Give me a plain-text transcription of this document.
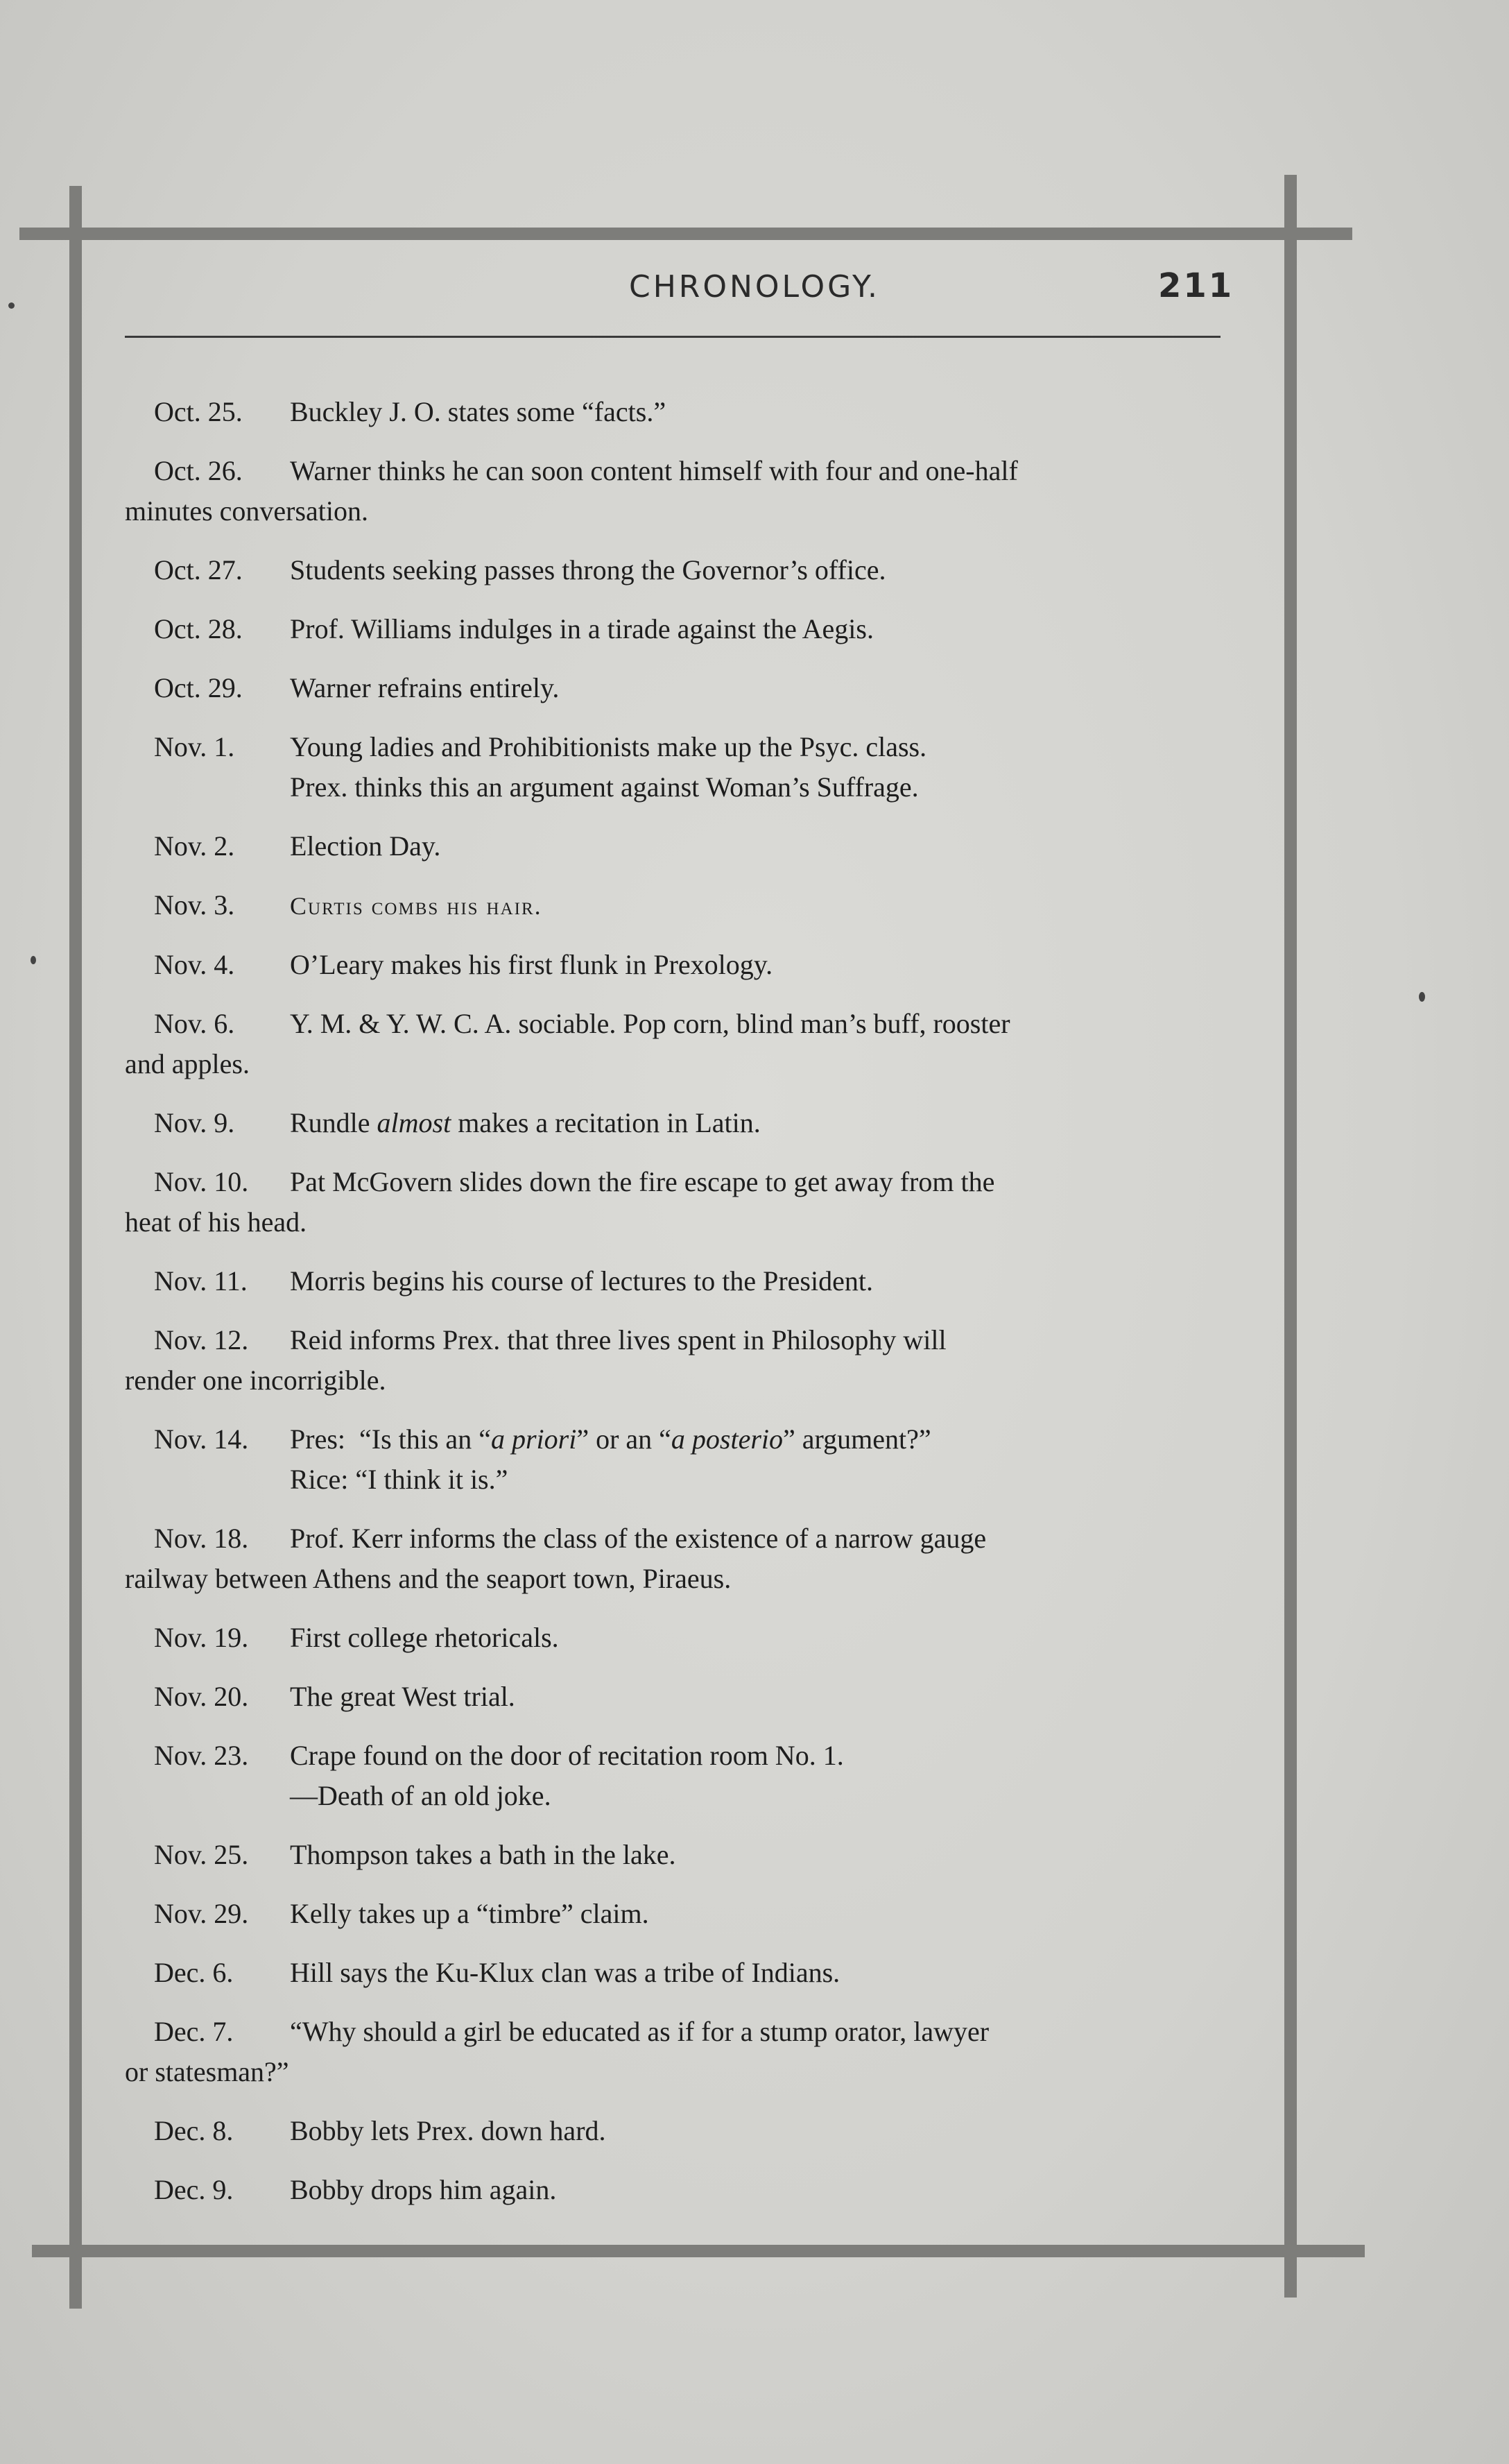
CHRONOLOGY.	211
Oct. 25. Buckley J. O. states some “facts.”
Oct. 26. Warner thinks he can soon content himself with four and one-half
minutes conversation.
Oct. 27. Students seeking passes throng the Governor’s office.
Oct. 28. Prof. Williams indulges in a tirade against the Aegis.
Oct. 29. Warner refrains entirely.
Nov. 1. Young ladies and Prohibitionists make up the Psyc. class.
Prex. thinks this an argument against Woman’s Suffrage.
Nov. 2. Election Day.
Nov. 3. Curtis combs his hair.
Nov. 4. O’Leary makes his first flunk in Prexology.
Nov. 6. Y. M. & Y. W. C. A. sociable. Pop corn, blind man’s buff, rooster
and apples.
Nov. 9. Rundle almost makes a recitation in Latin.
Nov. 10. Pat McGovern slides down the fire escape to get away from the
heat of his head.
Nov. 11. Morris begins his course of lectures to the President.
Nov. 12. Reid informs Prex. that three lives spent in Philosophy will
render one incorrigible.
Nov. 14. Pres: “Is this an “a priori” or an “a posterio” argument?”
Rice: “I think it is.”
Nov. 18. Prof. Kerr informs the class of the existence of a narrow gauge
railway between Athens and the seaport town, Piraeus.
Nov. 19. First college rhetoricals.
Nov. 20. The great West trial.
Nov. 23. Crape found on the door of recitation room No. 1.
—Death of an old joke.
Nov. 25. Thompson takes a bath in the lake.
Nov. 29. Kelly takes up a “timbre” claim.
Dec. 6. Hill says the Ku-Klux clan was a tribe of Indians.
Dec. 7. “Why should a girl be educated as if for a stump orator, lawyer
or statesman?”
Dec. 8. Bobby lets Prex. down hard.
Dec. 9. Bobby drops him again.
